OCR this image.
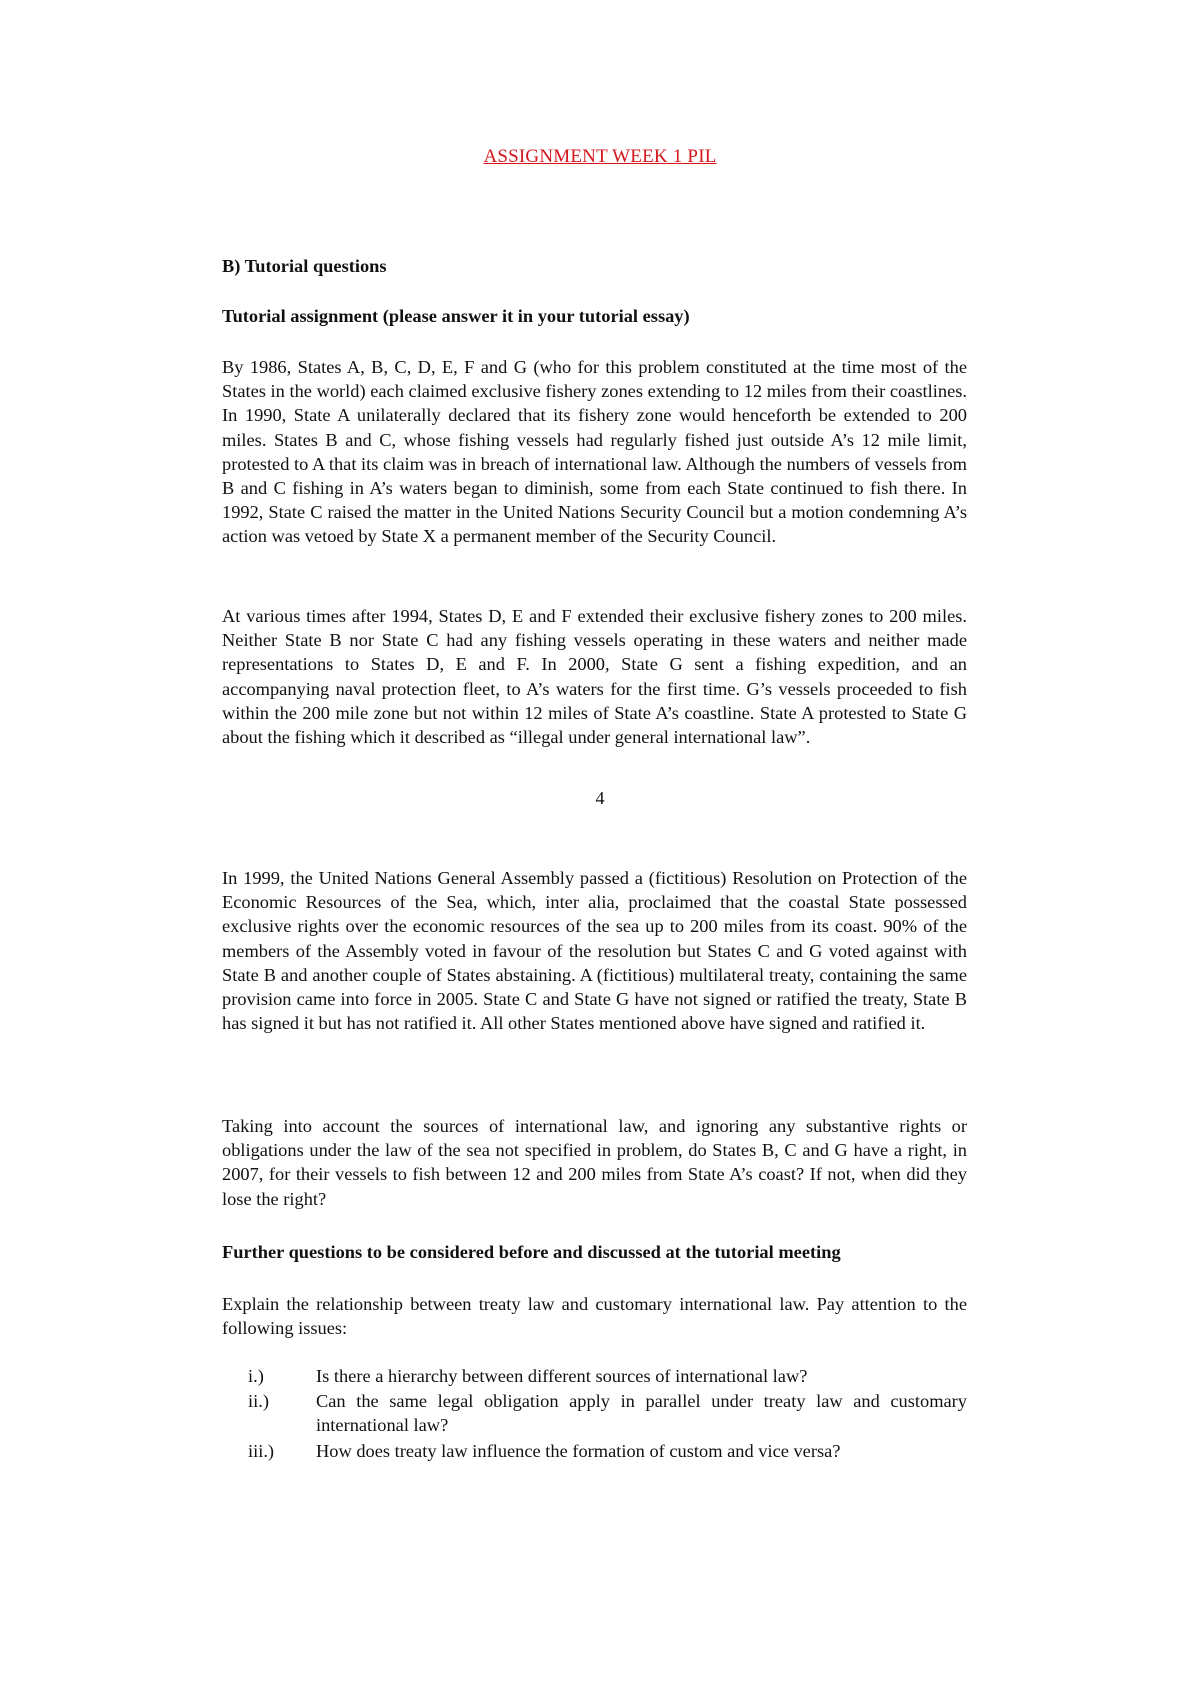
ASSIGNMENT WEEK 1 PIL
B) Tutorial questions
Tutorial assignment (please answer it in your tutorial essay)

By 1986, States A, B, C, D, E, F and G (who for this problem constituted at the time most of the States in the world) each claimed exclusive fishery zones extending to 12 miles from their coastlines. In 1990, State A unilaterally declared that its fishery zone would henceforth be extended to 200 miles. States B and C, whose fishing vessels had regularly fished just outside A’s 12 mile limit, protested to A that its claim was in breach of international law. Although the numbers of vessels from B and C fishing in A’s waters began to diminish, some from each State continued to fish there. In 1992, State C raised the matter in the United Nations Security Council but a motion condemning A’s action was vetoed by State X a permanent member of the Security Council.

At various times after 1994, States D, E and F extended their exclusive fishery zones to 200 miles. Neither State B nor State C had any fishing vessels operating in these waters and neither made representations to States D, E and F. In 2000, State G sent a fishing expedition, and an accompanying naval protection fleet, to A’s waters for the first time. G’s vessels proceeded to fish within the 200 mile zone but not within 12 miles of State A’s coastline. State A protested to State G about the fishing which it described as “illegal under general international law”.

4

In 1999, the United Nations General Assembly passed a (fictitious) Resolution on Protection of the Economic Resources of the Sea, which, inter alia, proclaimed that the coastal State possessed exclusive rights over the economic resources of the sea up to 200 miles from its coast. 90% of the members of the Assembly voted in favour of the resolution but States C and G voted against with State B and another couple of States abstaining. A (fictitious) multilateral treaty, containing the same provision came into force in 2005. State C and State G have not signed or ratified the treaty, State B has signed it but has not ratified it. All other States mentioned above have signed and ratified it.

Taking into account the sources of international law, and ignoring any substantive rights or obligations under the law of the sea not specified in problem, do States B, C and G have a right, in 2007, for their vessels to fish between 12 and 200 miles from State A’s coast? If not, when did they lose the right?

Further questions to be considered before and discussed at the tutorial meeting

Explain the relationship between treaty law and customary international law. Pay attention to the following issues:

i.)	Is there a hierarchy between different sources of international law?
ii.)	Can the same legal obligation apply in parallel under treaty law and customary international law?
iii.)	How does treaty law influence the formation of custom and vice versa?
